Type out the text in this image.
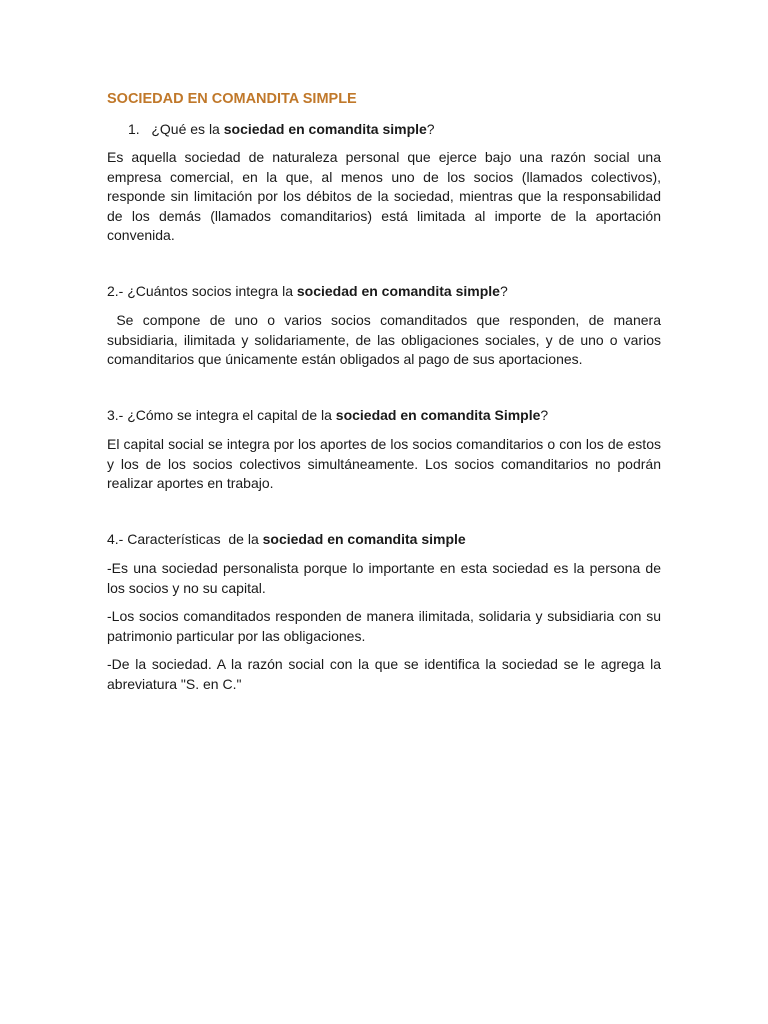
SOCIEDAD EN COMANDITA SIMPLE

1. ¿Qué es la sociedad en comandita simple?

Es aquella sociedad de naturaleza personal que ejerce bajo una razón social una empresa comercial, en la que, al menos uno de los socios (llamados colectivos), responde sin limitación por los débitos de la sociedad, mientras que la responsabilidad de los demás (llamados comanditarios) está limitada al importe de la aportación convenida.

2.- ¿Cuántos socios integra la sociedad en comandita simple?

Se compone de uno o varios socios comanditados que responden, de manera subsidiaria, ilimitada y solidariamente, de las obligaciones sociales, y de uno o varios comanditarios que únicamente están obligados al pago de sus aportaciones.

3.- ¿Cómo se integra el capital de la sociedad en comandita Simple?

El capital social se integra por los aportes de los socios comanditarios o con los de estos y los de los socios colectivos simultáneamente. Los socios comanditarios no podrán realizar aportes en trabajo.

4.- Características  de la sociedad en comandita simple

-Es una sociedad personalista porque lo importante en esta sociedad es la persona de los socios y no su capital.

-Los socios comanditados responden de manera ilimitada, solidaria y subsidiaria con su patrimonio particular por las obligaciones.

-De la sociedad. A la razón social con la que se identifica la sociedad se le agrega la abreviatura "S. en C."
